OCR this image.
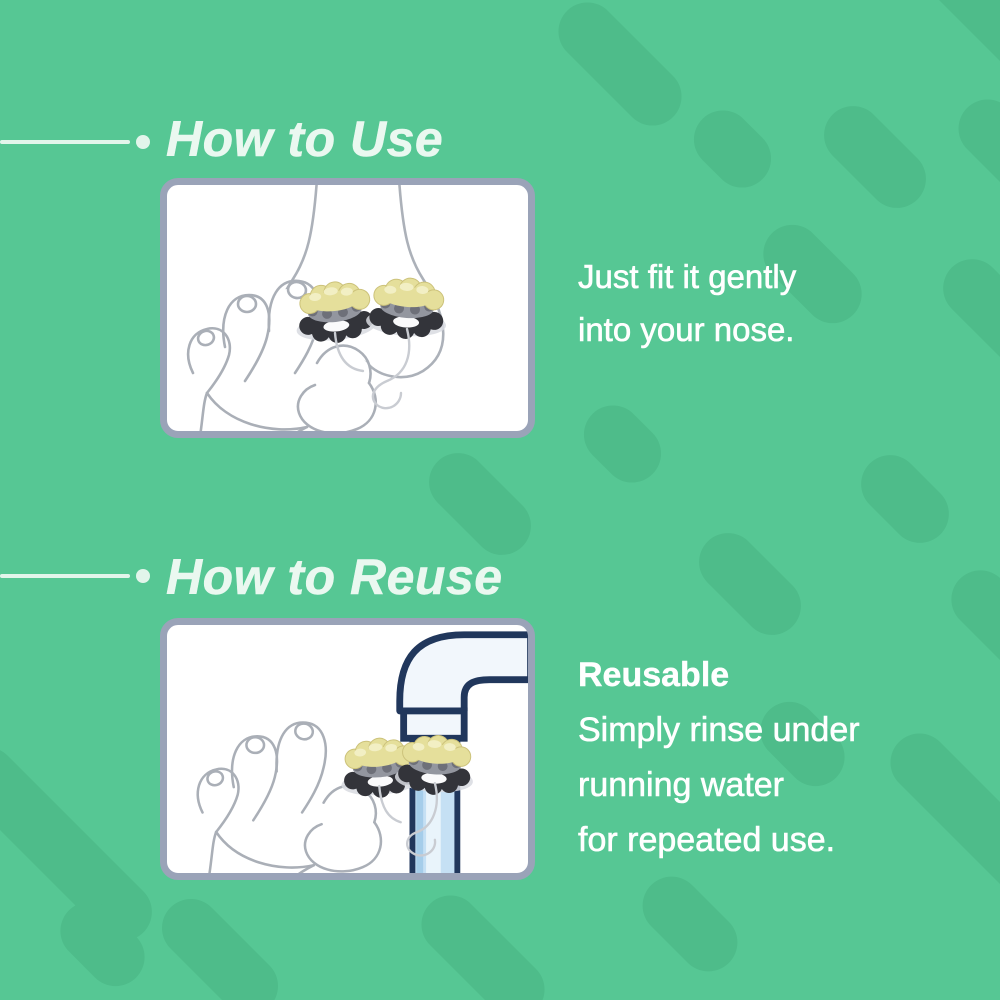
How to Use

Just fit it gently

into your nose.

How to Reuse

Reusable

Simply rinse under

running water

for repeated use.
